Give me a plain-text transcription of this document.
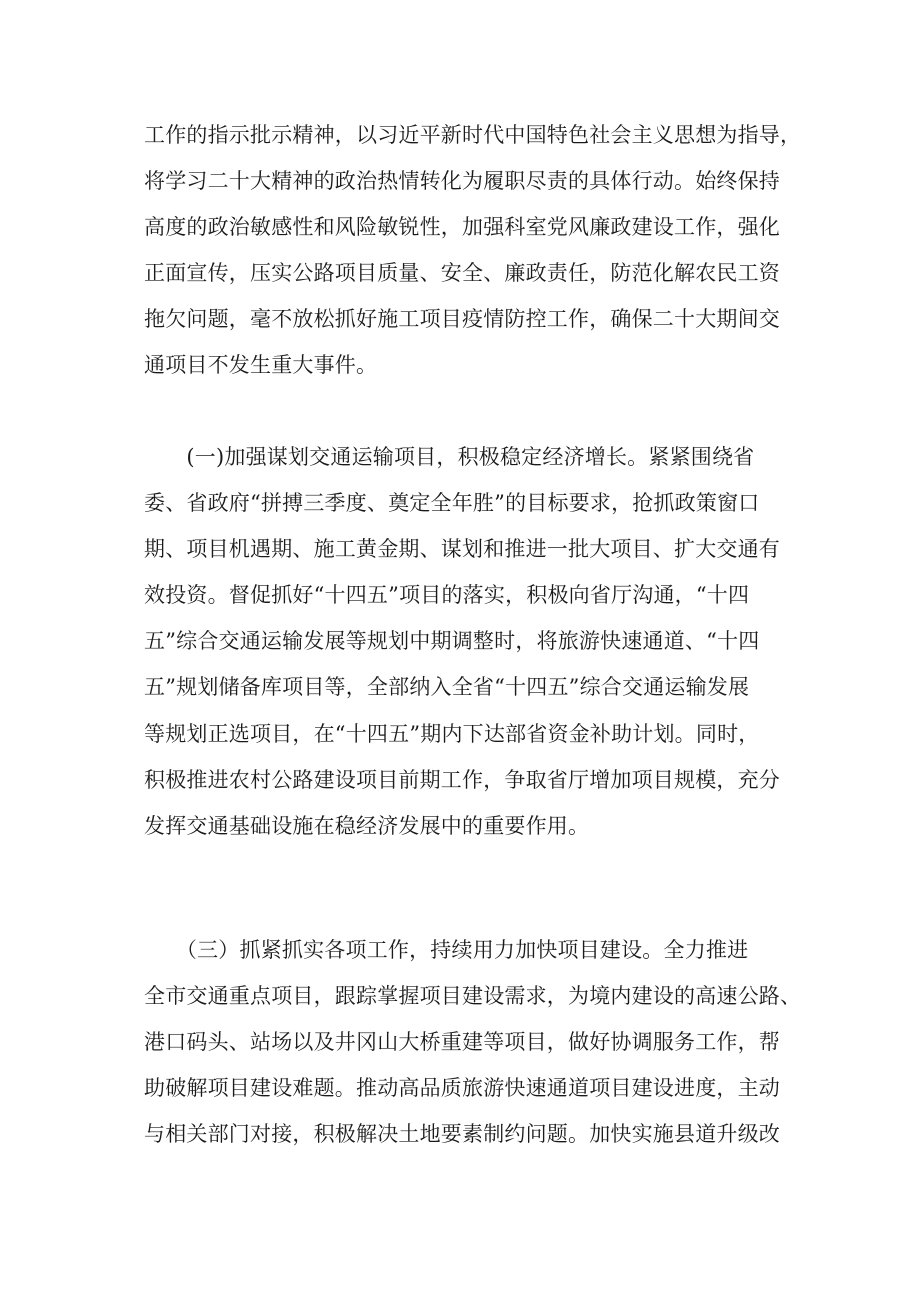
工作的指示批示精神，以习近平新时代中国特色社会主义思想为指导，
将学习二十大精神的政治热情转化为履职尽责的具体行动。始终保持
高度的政治敏感性和风险敏锐性，加强科室党风廉政建设工作，强化
正面宣传，压实公路项目质量、安全、廉政责任，防范化解农民工资
拖欠问题，毫不放松抓好施工项目疫情防控工作，确保二十大期间交
通项目不发生重大事件。
　　(一)加强谋划交通运输项目，积极稳定经济增长。紧紧围绕省
委、省政府“拼搏三季度、奠定全年胜”的目标要求，抢抓政策窗口
期、项目机遇期、施工黄金期、谋划和推进一批大项目、扩大交通有
效投资。督促抓好“十四五”项目的落实，积极向省厅沟通，“十四
五”综合交通运输发展等规划中期调整时，将旅游快速通道、“十四
五”规划储备库项目等，全部纳入全省“十四五”综合交通运输发展
等规划正选项目，在“十四五”期内下达部省资金补助计划。同时，
积极推进农村公路建设项目前期工作，争取省厅增加项目规模，充分
发挥交通基础设施在稳经济发展中的重要作用。
　　（三）抓紧抓实各项工作，持续用力加快项目建设。全力推进
全市交通重点项目，跟踪掌握项目建设需求，为境内建设的高速公路、
港口码头、站场以及井冈山大桥重建等项目，做好协调服务工作，帮
助破解项目建设难题。推动高品质旅游快速通道项目建设进度，主动
与相关部门对接，积极解决土地要素制约问题。加快实施县道升级改
